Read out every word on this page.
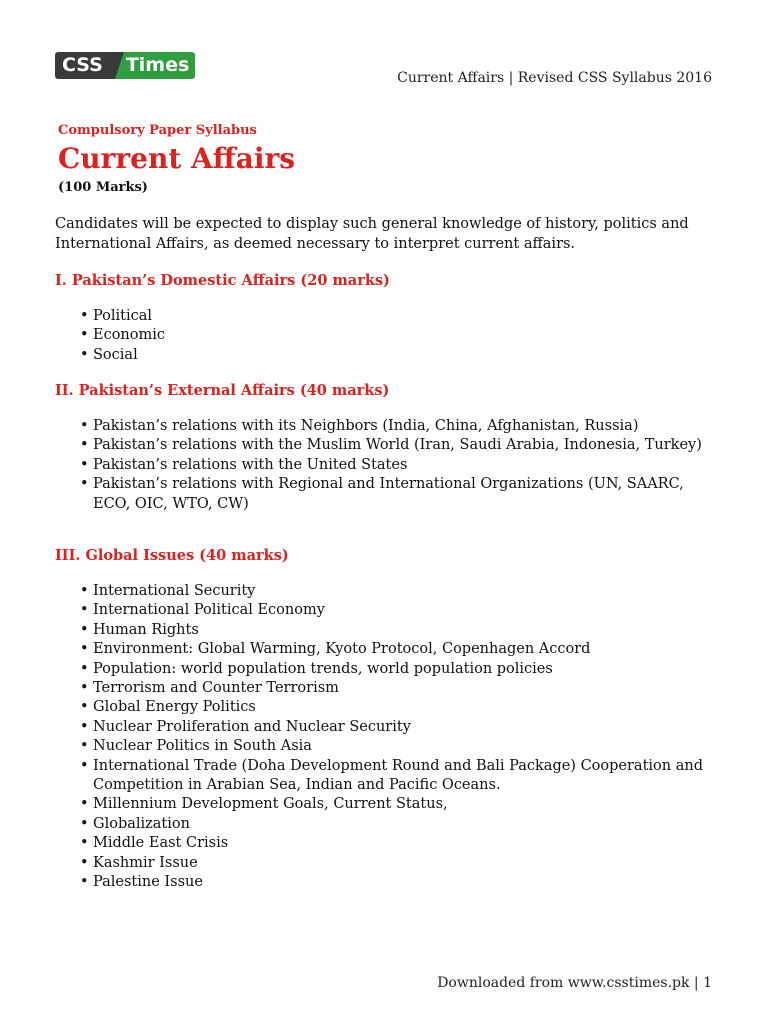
CSS	Times
Current Affairs | Revised CSS Syllabus 2016
Compulsory Paper Syllabus
Current Affairs
(100 Marks)
Candidates will be expected to display such general knowledge of history, politics and International Affairs, as deemed necessary to interpret current affairs.
I. Pakistan’s Domestic Affairs (20 marks)
• Political
• Economic
• Social
II. Pakistan’s External Affairs (40 marks)
• Pakistan’s relations with its Neighbors (India, China, Afghanistan, Russia)
• Pakistan’s relations with the Muslim World (Iran, Saudi Arabia, Indonesia, Turkey)
• Pakistan’s relations with the United States
• Pakistan’s relations with Regional and International Organizations (UN, SAARC, ECO, OIC, WTO, CW)
III. Global Issues (40 marks)
• International Security
• International Political Economy
• Human Rights
• Environment: Global Warming, Kyoto Protocol, Copenhagen Accord
• Population: world population trends, world population policies
• Terrorism and Counter Terrorism
• Global Energy Politics
• Nuclear Proliferation and Nuclear Security
• Nuclear Politics in South Asia
• International Trade (Doha Development Round and Bali Package) Cooperation and Competition in Arabian Sea, Indian and Pacific Oceans.
• Millennium Development Goals, Current Status,
• Globalization
• Middle East Crisis
• Kashmir Issue
• Palestine Issue
Downloaded from www.csstimes.pk | 1
